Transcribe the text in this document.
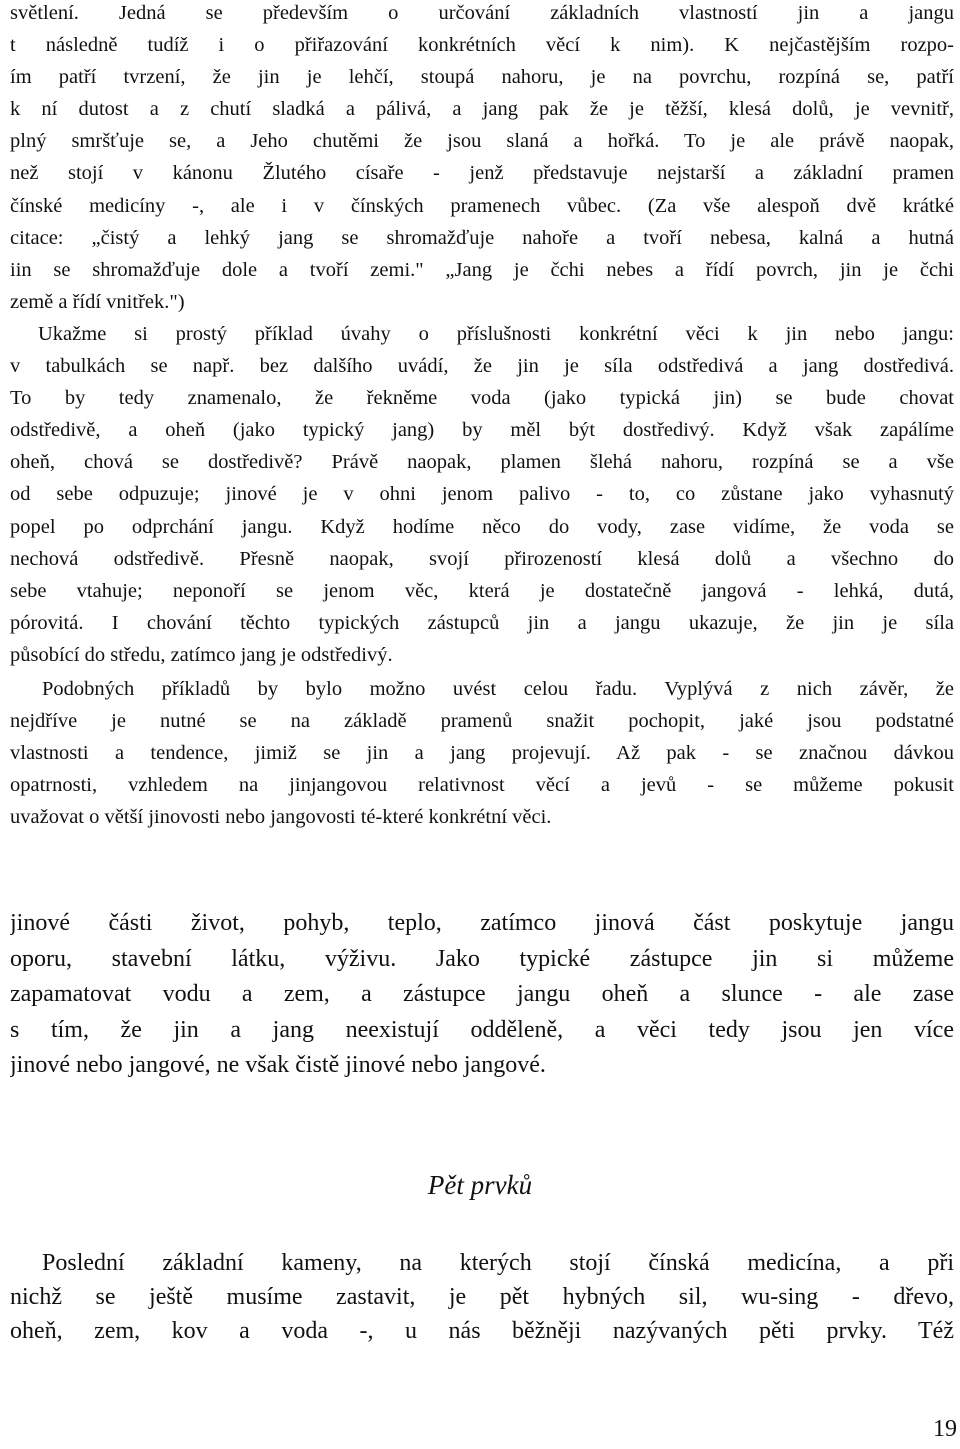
světlení. Jedná se především o určování základních vlastností jin a jangu
t následně tudíž i o přiřazování konkrétních věcí k nim). K nejčastějším rozpo-
ím patří tvrzení, že jin je lehčí, stoupá nahoru, je na povrchu, rozpíná se, patří
k ní dutost a z chutí sladká a pálivá, a jang pak že je těžší, klesá dolů, je vevnitř,
plný smršťuje se, a Jeho chutěmi že jsou slaná a hořká. To je ale právě naopak,
než stojí v kánonu Žlutého císaře - jenž představuje nejstarší a základní pramen
čínské medicíny -, ale i v čínských pramenech vůbec. (Za vše alespoň dvě krátké
citace: „čistý a lehký jang se shromažďuje nahoře a tvoří nebesa, kalná a hutná
iin se shromažďuje dole a tvoří zemi." „Jang je čchi nebes a řídí povrch, jin je čchi
země a řídí vnitřek.")
Ukažme si prostý příklad úvahy o příslušnosti konkrétní věci k jin nebo jangu:
v tabulkách se např. bez dalšího uvádí, že jin je síla odstředivá a jang dostředivá.
To by tedy znamenalo, že řekněme voda (jako typická jin) se bude chovat
odstředivě, a oheň (jako typický jang) by měl být dostředivý. Když však zapálíme
oheň, chová se dostředivě? Právě naopak, plamen šlehá nahoru, rozpíná se a vše
od sebe odpuzuje; jinové je v ohni jenom palivo - to, co zůstane jako vyhasnutý
popel po odprchání jangu. Když hodíme něco do vody, zase vidíme, že voda se
nechová odstředivě. Přesně naopak, svojí přirozeností klesá dolů a všechno do
sebe vtahuje; neponoří se jenom věc, která je dostatečně jangová - lehká, dutá,
pórovitá. I chování těchto typických zástupců jin a jangu ukazuje, že jin je síla
působící do středu, zatímco jang je odstředivý.
Podobných příkladů by bylo možno uvést celou řadu. Vyplývá z nich závěr, že
nejdříve je nutné se na základě pramenů snažit pochopit, jaké jsou podstatné
vlastnosti a tendence, jimiž se jin a jang projevují. Až pak - se značnou dávkou
opatrnosti, vzhledem na jinjangovou relativnost věcí a jevů - se můžeme pokusit
uvažovat o větší jinovosti nebo jangovosti té-které konkrétní věci.
jinové části život, pohyb, teplo, zatímco jinová část poskytuje jangu
oporu, stavební látku, výživu. Jako typické zástupce jin si můžeme
zapamatovat vodu a zem, a zástupce jangu oheň a slunce - ale zase
s tím, že jin a jang neexistují odděleně, a věci tedy jsou jen více
jinové nebo jangové, ne však čistě jinové nebo jangové.
Pět prvků
Poslední základní kameny, na kterých stojí čínská medicína, a při
nichž se ještě musíme zastavit, je pět hybných sil, wu-sing - dřevo,
oheň, zem, kov a voda -, u nás běžněji nazývaných pěti prvky. Též
19
